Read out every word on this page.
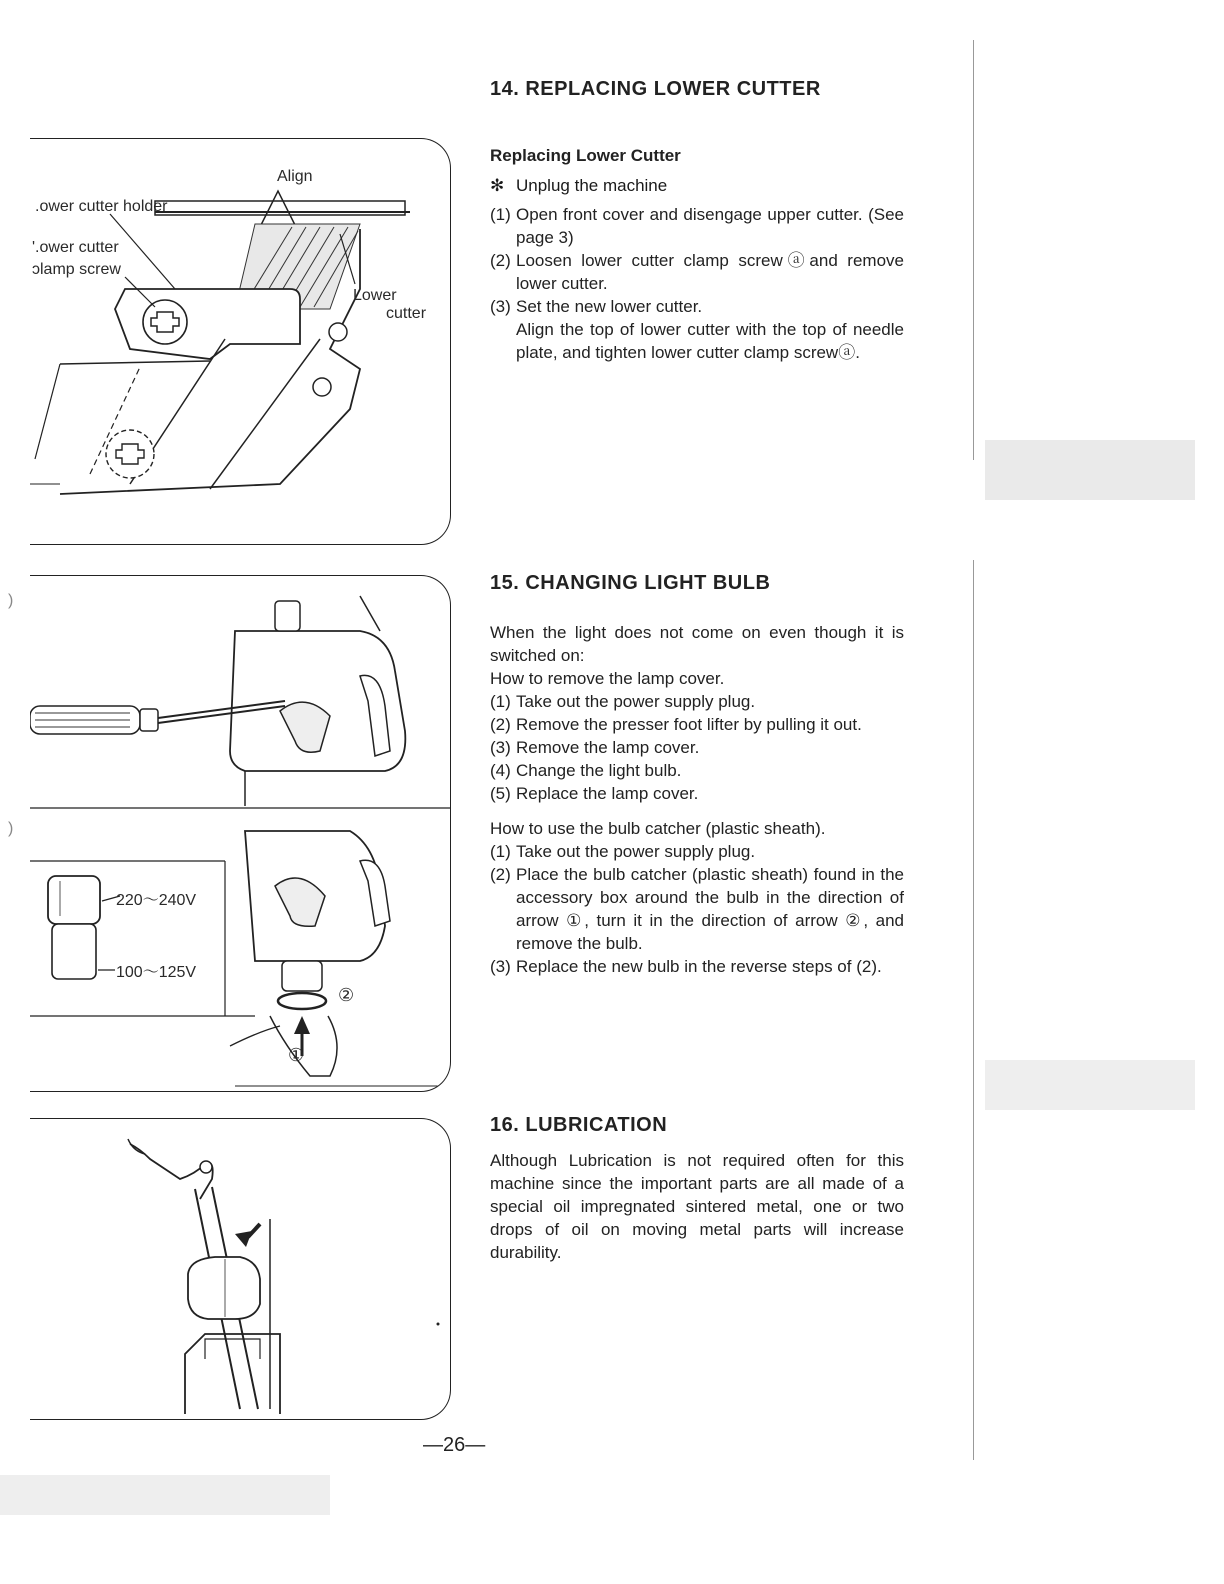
Align
.ower cutter holder
'.ower cutter
ɔlamp screw
Lower
cutter
220～240V
100～125V
②
①
)
)
14. REPLACING LOWER CUTTER
Replacing Lower Cutter
✻ Unplug the machine
(1) Open front cover and disengage upper cutter. (See page 3)
(2) Loosen lower cutter clamp screwⓐand remove lower cutter.
(3) Set the new lower cutter.

Align the top of lower cutter with the top of needle plate, and tighten lower cutter clamp screwⓐ.

15. CHANGING LIGHT BULB

When the light does not come on even though it is switched on:

How to remove the lamp cover.

(1) Take out the power supply plug.
(2) Remove the presser foot lifter by pulling it out.
(3) Remove the lamp cover.
(4) Change the light bulb.
(5) Replace the lamp cover.

How to use the bulb catcher (plastic sheath).

(1) Take out the power supply plug.
(2) Place the bulb catcher (plastic sheath) found in the accessory box around the bulb in the direction of arrow ①, turn it in the direction of arrow ②, and remove the bulb.
(3) Replace the new bulb in the reverse steps of (2).
16. LUBRICATION

Although Lubrication is not required often for this machine since the important parts are all made of a special oil impregnated sintered metal, one or two drops of oil on moving metal parts will increase durability.

—26—
